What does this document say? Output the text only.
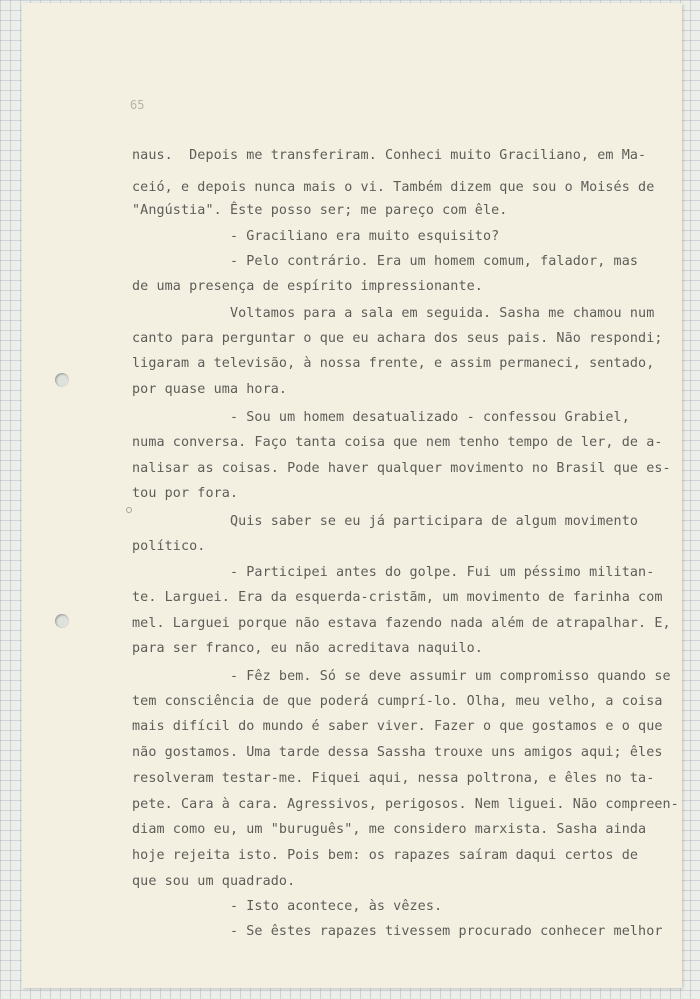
65
naus.  Depois me transferiram. Conheci muito Graciliano, em Ma-
ceió, e depois nunca mais o vi. Também dizem que sou o Moisés de
"Angústia". Êste posso ser; me pareço com êle.
- Graciliano era muito esquisito?
- Pelo contrário. Era um homem comum, falador, mas
de uma presença de espírito impressionante.
Voltamos para a sala em seguida. Sasha me chamou num
canto para perguntar o que eu achara dos seus pais. Não respondi;
ligaram a televisão, à nossa frente, e assim permaneci, sentado,
por quase uma hora.
- Sou um homem desatualizado - confessou Grabiel,
numa conversa. Faço tanta coisa que nem tenho tempo de ler, de a-
nalisar as coisas. Pode haver qualquer movimento no Brasil que es-
tou por fora.
Quis saber se eu já participara de algum movimento
político.
- Participei antes do golpe. Fui um péssimo militan-
te. Larguei. Era da esquerda-cristãm, um movimento de farinha com
mel. Larguei porque não estava fazendo nada além de atrapalhar. E,
para ser franco, eu não acreditava naquilo.
- Fêz bem. Só se deve assumir um compromisso quando se
tem consciência de que poderá cumprí-lo. Olha, meu velho, a coisa
mais difícil do mundo é saber viver. Fazer o que gostamos e o que
não gostamos. Uma tarde dessa Sassha trouxe uns amigos aqui; êles
resolveram testar-me. Fiquei aqui, nessa poltrona, e êles no ta-
pete. Cara à cara. Agressivos, perigosos. Nem liguei. Não compreen-
diam como eu, um "buruguês", me considero marxista. Sasha ainda
hoje rejeita isto. Pois bem: os rapazes saíram daqui certos de
que sou um quadrado.
- Isto acontece, às vêzes.
- Se êstes rapazes tivessem procurado conhecer melhor
